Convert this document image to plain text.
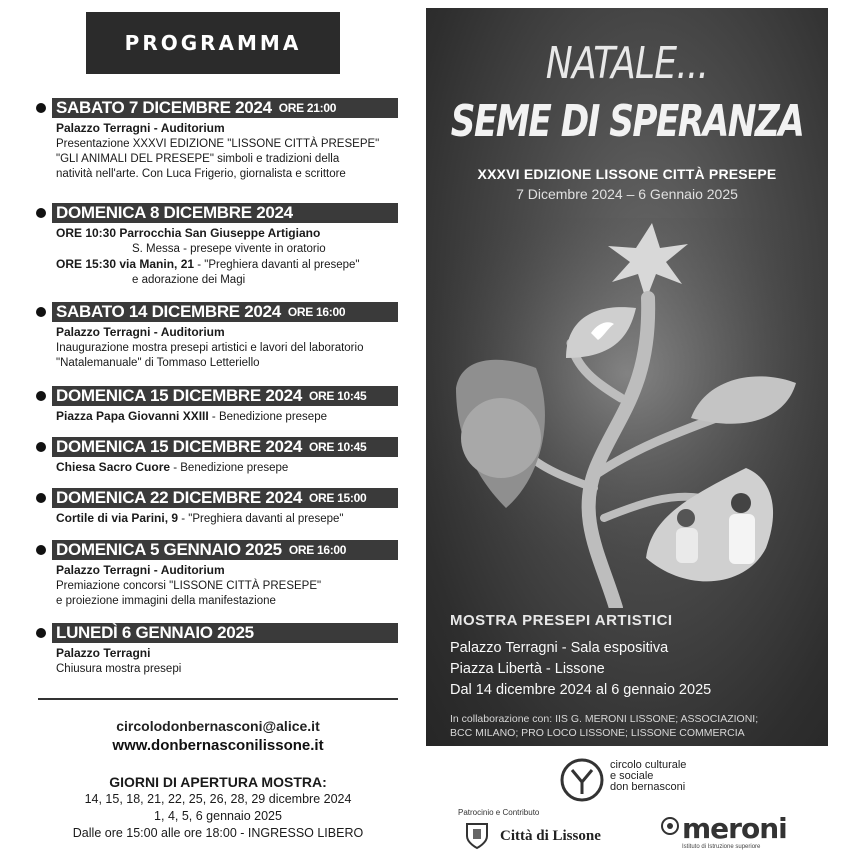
PROGRAMMA
SABATO 7 DICEMBRE 2024 ORE 21:00
Palazzo Terragni - Auditorium
Presentazione XXXVI EDIZIONE "LISSONE CITTÀ PRESEPE"
"GLI ANIMALI DEL PRESEPE" simboli e tradizioni della
natività nell'arte. Con Luca Frigerio, giornalista e scrittore
DOMENICA 8 DICEMBRE 2024
ORE 10:30 Parrocchia San Giuseppe Artigiano
S. Messa - presepe vivente in oratorio
ORE 15:30 via Manin, 21 - "Preghiera davanti al presepe"
e adorazione dei Magi
SABATO 14 DICEMBRE 2024 ORE 16:00
Palazzo Terragni - Auditorium
Inaugurazione mostra presepi artistici e lavori del laboratorio
"Natalemanuale" di Tommaso Letteriello
DOMENICA 15 DICEMBRE 2024 ORE 10:45
Piazza Papa Giovanni XXIII - Benedizione presepe
DOMENICA 15 DICEMBRE 2024 ORE 10:45
Chiesa Sacro Cuore - Benedizione presepe
DOMENICA 22 DICEMBRE 2024 ORE 15:00
Cortile di via Parini, 9 - "Preghiera davanti al presepe"
DOMENICA 5 GENNAIO 2025 ORE 16:00
Palazzo Terragni - Auditorium
Premiazione concorsi "LISSONE CITTÀ PRESEPE"
e proiezione immagini della manifestazione
LUNEDÌ 6 GENNAIO 2025
Palazzo Terragni
Chiusura mostra presepi
circolodonbernasconi@alice.it
www.donbernasconilissone.it
GIORNI DI APERTURA MOSTRA:
14, 15, 18, 21, 22, 25, 26, 28, 29 dicembre 2024
1, 4, 5, 6 gennaio 2025
Dalle ore 15:00 alle ore 18:00 - INGRESSO LIBERO
NATALE...
SEME DI SPERANZA
XXXVI EDIZIONE LISSONE CITTÀ PRESEPE
7 Dicembre 2024 – 6 Gennaio 2025
MOSTRA PRESEPI ARTISTICI
Palazzo Terragni - Sala espositiva
Piazza Libertà - Lissone
Dal 14 dicembre 2024 al 6 gennaio 2025
In collaborazione con: IIS G. MERONI LISSONE; ASSOCIAZIONI;
BCC MILANO; PRO LOCO LISSONE; LISSONE COMMERCIA
circolo culturale
e sociale
don bernasconi
Patrocinio e Contributo
Città di Lissone	meroni
Istituto di Istruzione superiore
